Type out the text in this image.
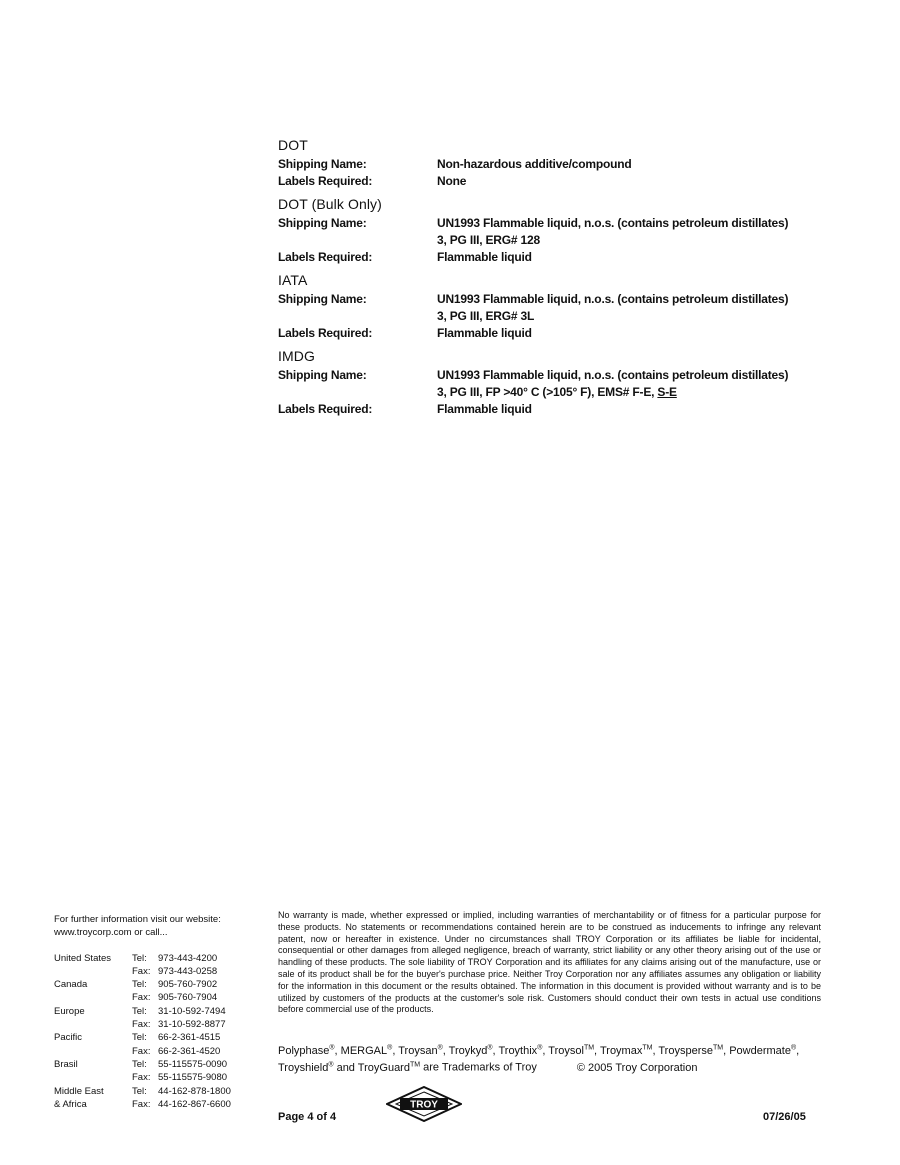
DOT
Shipping Name:	Non-hazardous additive/compound
Labels Required:	None
DOT (Bulk Only)
Shipping Name:	UN1993 Flammable liquid, n.o.s. (contains petroleum distillates)
3, PG III, ERG# 128
Labels Required:	Flammable liquid
IATA
Shipping Name:	UN1993 Flammable liquid, n.o.s. (contains petroleum distillates)
3, PG III, ERG# 3L
Labels Required:	Flammable liquid
IMDG
Shipping Name:	UN1993 Flammable liquid, n.o.s. (contains petroleum distillates)
3, PG III, FP >40° C (>105° F), EMS# F-E, S-E
Labels Required:	Flammable liquid
For further information visit our website:
www.troycorp.com or call...
United States	Tel:	973-443-4200
Fax: 973-443-0258
Canada	Tel:	905-760-7902
Fax: 905-760-7904
Europe	Tel:	31-10-592-7494
Fax: 31-10-592-8877
Pacific	Tel:	66-2-361-4515
Fax: 66-2-361-4520
Brasil	Tel:	55-115575-0090
Fax: 55-115575-9080
Middle East	Tel:	44-162-878-1800
& Africa	Fax: 44-162-867-6600
No warranty is made, whether expressed or implied, including warranties of merchantability or of fitness for a particular purpose for these products. No statements or recommendations contained herein are to be construed as inducements to infringe any relevant patent, now or hereafter in existence. Under no circumstances shall TROY Corporation or its affiliates be liable for incidental, consequential or other damages from alleged negligence, breach of warranty, strict liability or any other theory arising out of the use or handling of these products. The sole liability of TROY Corporation and its affiliates for any claims arising out of the manufacture, use or sale of its product shall be for the buyer's purchase price. Neither Troy Corporation nor any affiliates assumes any obligation or liability for the information in this document or the results obtained. The information in this document is provided without warranty and is to be utilized by customers of the products at the customer's sole risk. Customers should conduct their own tests in actual use conditions before commercial use of the products.
Polyphase®, MERGAL®, Troysan®, Troykyd®, Troythix®, Troysol™, Troymax™, Troysperse™, Powdermate®, Troyshield® and TroyGuard™ are Trademarks of Troy	© 2005 Troy Corporation
Page 4 of 4
TROY
07/26/05
